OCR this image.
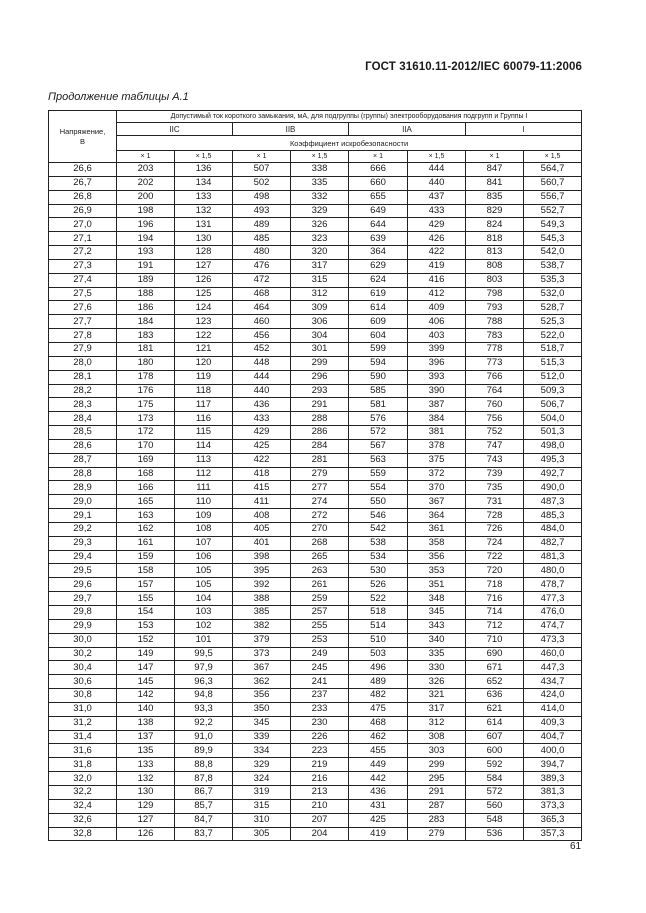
ГОСТ 31610.11-2012/IEC 60079-11:2006
Продолжение таблицы А.1
Напряжение, В	Допустимый ток короткого замыкания, мА, для подгруппы (группы) электрооборудования подгрупп и Группы I							
	IIC		IIB		IIA		I	
	Коэффициент искробезопасности							
	× 1	× 1,5	× 1	× 1,5	× 1	× 1,5	× 1	× 1,5
26,6	203	136	507	338	666	444	847	564,7
26,7	202	134	502	335	660	440	841	560,7
26,8	200	133	498	332	655	437	835	556,7
26,9	198	132	493	329	649	433	829	552,7
27,0	196	131	489	326	644	429	824	549,3
27,1	194	130	485	323	639	426	818	545,3
27,2	193	128	480	320	364	422	813	542,0
27,3	191	127	476	317	629	419	808	538,7
27,4	189	126	472	315	624	416	803	535,3
27,5	188	125	468	312	619	412	798	532,0
27,6	186	124	464	309	614	409	793	528,7
27,7	184	123	460	306	609	406	788	525,3
27,8	183	122	456	304	604	403	783	522,0
27,9	181	121	452	301	599	399	778	518,7
28,0	180	120	448	299	594	396	773	515,3
28,1	178	119	444	296	590	393	766	512,0
28,2	176	118	440	293	585	390	764	509,3
28,3	175	117	436	291	581	387	760	506,7
28,4	173	116	433	288	576	384	756	504,0
28,5	172	115	429	286	572	381	752	501,3
28,6	170	114	425	284	567	378	747	498,0
28,7	169	113	422	281	563	375	743	495,3
28,8	168	112	418	279	559	372	739	492,7
28,9	166	111	415	277	554	370	735	490,0
29,0	165	110	411	274	550	367	731	487,3
29,1	163	109	408	272	546	364	728	485,3
29,2	162	108	405	270	542	361	726	484,0
29,3	161	107	401	268	538	358	724	482,7
29,4	159	106	398	265	534	356	722	481,3
29,5	158	105	395	263	530	353	720	480,0
29,6	157	105	392	261	526	351	718	478,7
29,7	155	104	388	259	522	348	716	477,3
29,8	154	103	385	257	518	345	714	476,0
29,9	153	102	382	255	514	343	712	474,7
30,0	152	101	379	253	510	340	710	473,3
30,2	149	99,5	373	249	503	335	690	460,0
30,4	147	97,9	367	245	496	330	671	447,3
30,6	145	96,3	362	241	489	326	652	434,7
30,8	142	94,8	356	237	482	321	636	424,0
31,0	140	93,3	350	233	475	317	621	414,0
31,2	138	92,2	345	230	468	312	614	409,3
31,4	137	91,0	339	226	462	308	607	404,7
31,6	135	89,9	334	223	455	303	600	400,0
31,8	133	88,8	329	219	449	299	592	394,7
32,0	132	87,8	324	216	442	295	584	389,3
32,2	130	86,7	319	213	436	291	572	381,3
32,4	129	85,7	315	210	431	287	560	373,3
32,6	127	84,7	310	207	425	283	548	365,3
32,8	126	83,7	305	204	419	279	536	357,3
61
